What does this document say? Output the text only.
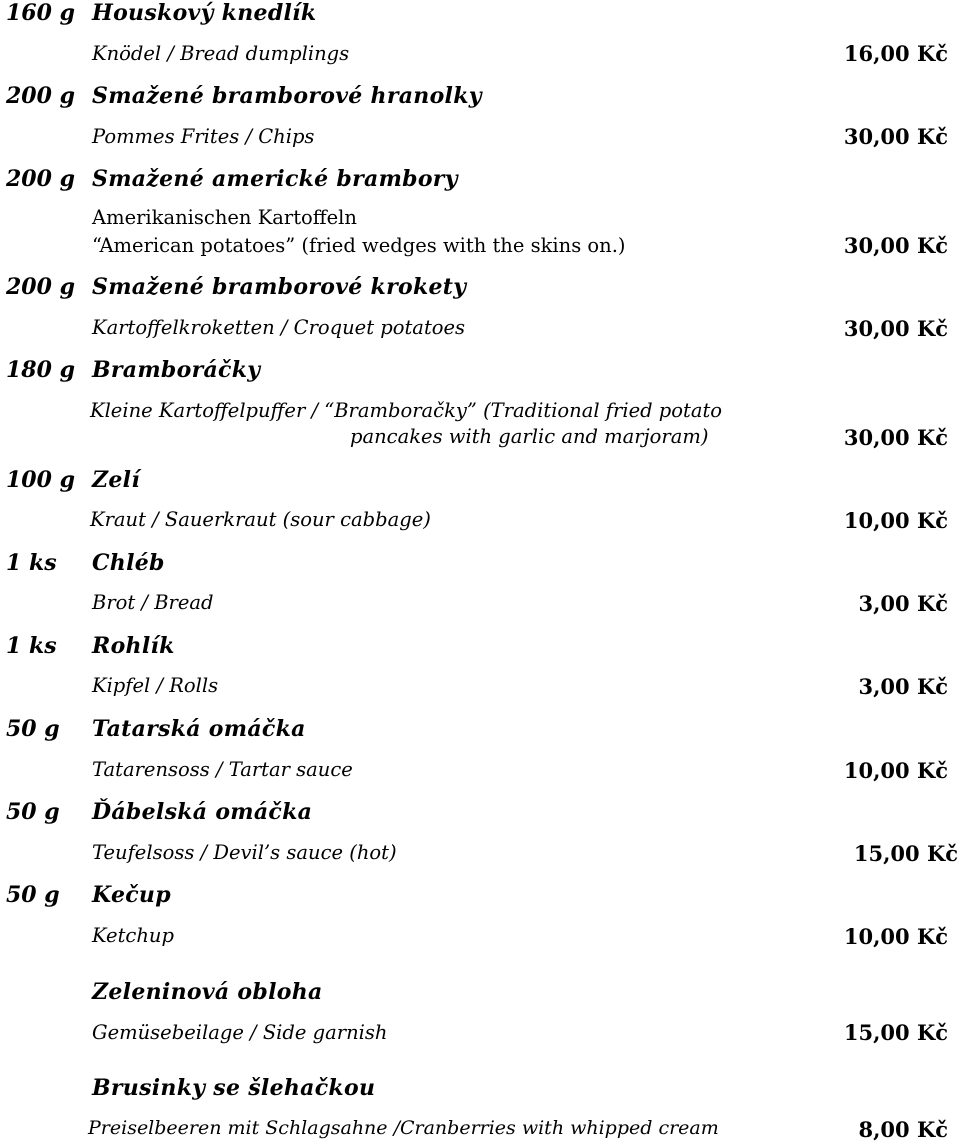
160 g Houskový knedlík
Knödel / Bread dumplings	16,00 Kč
200 g Smažené bramborové hranolky
Pommes Frites / Chips	30,00 Kč
200 g Smažené americké brambory
Amerikanischen Kartoffeln
“American potatoes” (fried wedges with the skins on.)	30,00 Kč
200 g Smažené bramborové krokety
Kartoffelkroketten / Croquet potatoes	30,00 Kč
180 g Bramboráčky
Kleine Kartoffelpuffer / “Bramboračky” (Traditional fried potato
pancakes with garlic and marjoram)	30,00 Kč
100 g Zelí
Kraut / Sauerkraut (sour cabbage)	10,00 Kč
1 ks Chléb
Brot / Bread	3,00 Kč
1 ks Rohlík
Kipfel / Rolls	3,00 Kč
50 g Tatarská omáčka
Tatarensoss / Tartar sauce	10,00 Kč
50 g Ďábelská omáčka
Teufelsoss / Devil’s sauce (hot)	15,00 Kč
50 g Kečup
Ketchup	10,00 Kč
Zeleninová obloha
Gemüsebeilage / Side garnish	15,00 Kč
Brusinky se šlehačkou
Preiselbeeren mit Schlagsahne /Cranberries with whipped cream	8,00 Kč
